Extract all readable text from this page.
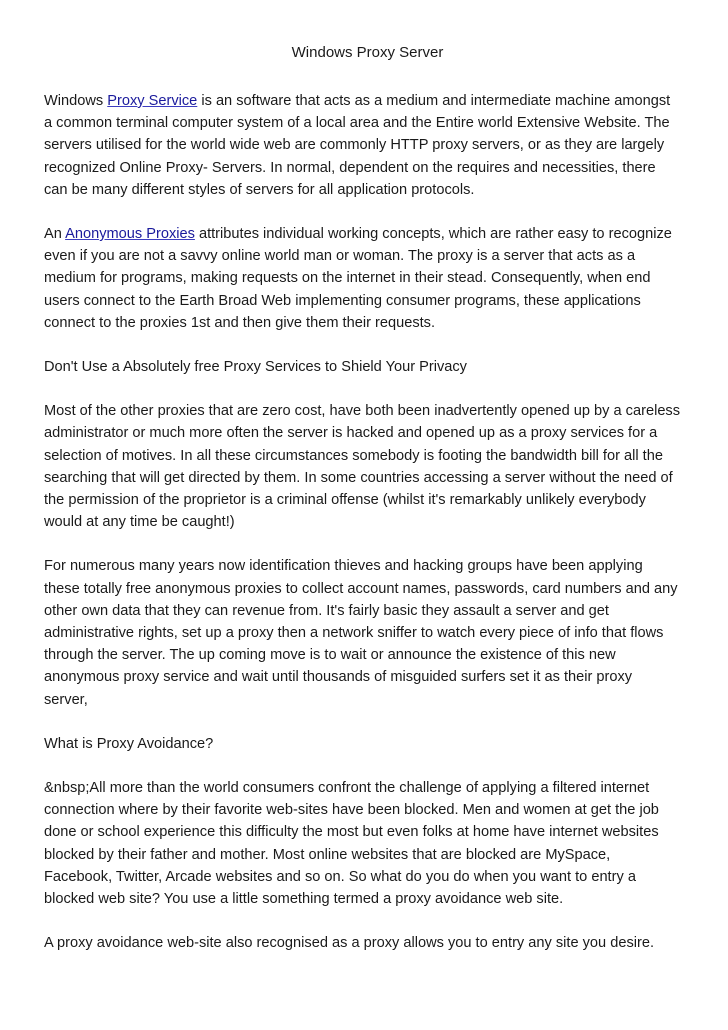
Windows Proxy Server

Windows Proxy Service is an software that acts as a medium and intermediate machine amongst
a common terminal computer system of a local area and the Entire world Extensive Website. The
servers utilised for the world wide web are commonly HTTP proxy servers, or as they are largely
recognized Online Proxy- Servers. In normal, dependent on the requires and necessities, there
can be many different styles of servers for all application protocols.

An Anonymous Proxies attributes individual working concepts, which are rather easy to recognize
even if you are not a savvy online world man or woman. The proxy is a server that acts as a
medium for programs, making requests on the internet in their stead. Consequently, when end
users connect to the Earth Broad Web implementing consumer programs, these applications
connect to the proxies 1st and then give them their requests.

Don't Use a Absolutely free Proxy Services to Shield Your Privacy

Most of the other proxies that are zero cost, have both been inadvertently opened up by a careless
administrator or much more often the server is hacked and opened up as a proxy services for a
selection of motives. In all these circumstances somebody is footing the bandwidth bill for all the
searching that will get directed by them. In some countries accessing a server without the need of
the permission of the proprietor is a criminal offense (whilst it's remarkably unlikely everybody
would at any time be caught!)

For numerous many years now identification thieves and hacking groups have been applying
these totally free anonymous proxies to collect account names, passwords, card numbers and any
other own data that they can revenue from. It's fairly basic they assault a server and get
administrative rights, set up a proxy then a network sniffer to watch every piece of info that flows
through the server. The up coming move is to wait or announce the existence of this new
anonymous proxy service and wait until thousands of misguided surfers set it as their proxy
server,

What is Proxy Avoidance?

&nbsp;All more than the world consumers confront the challenge of applying a filtered internet
connection where by their favorite web-sites have been blocked. Men and women at get the job
done or school experience this difficulty the most but even folks at home have internet websites
blocked by their father and mother. Most online websites that are blocked are MySpace,
Facebook, Twitter, Arcade websites and so on. So what do you do when you want to entry a
blocked web site? You use a little something termed a proxy avoidance web site.

A proxy avoidance web-site also recognised as a proxy allows you to entry any site you desire.
